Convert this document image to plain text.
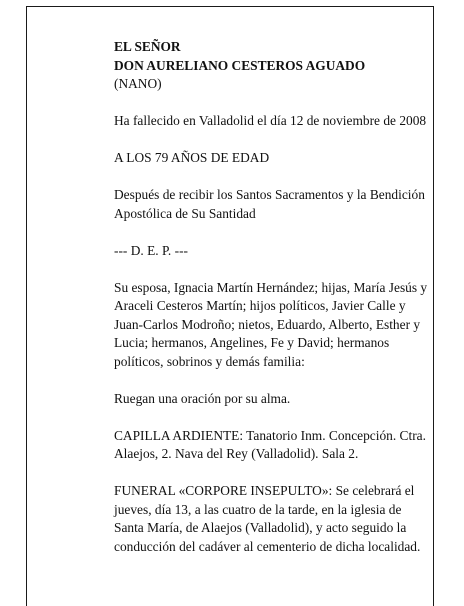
EL SEÑOR
DON AURELIANO CESTEROS AGUADO
(NANO)

Ha fallecido en Valladolid el día 12 de noviembre de 2008

A LOS 79 AÑOS DE EDAD

Después de recibir los Santos Sacramentos y la Bendición Apostólica de Su Santidad

--- D. E. P. ---

Su esposa, Ignacia Martín Hernández; hijas, María Jesús y Araceli Cesteros Martín; hijos políticos, Javier Calle y Juan-Carlos Modroño; nietos, Eduardo, Alberto, Esther y Lucia; hermanos, Angelines, Fe y David; hermanos políticos, sobrinos y demás familia:

Ruegan una oración por su alma.

CAPILLA ARDIENTE: Tanatorio Inm. Concepción. Ctra. Alaejos, 2. Nava del Rey (Valladolid). Sala 2.

FUNERAL «CORPORE INSEPULTO»: Se celebrará el jueves, día 13, a las cuatro de la tarde, en la iglesia de Santa María, de Alaejos (Valladolid), y acto seguido la conducción del cadáver al cementerio de dicha localidad.
